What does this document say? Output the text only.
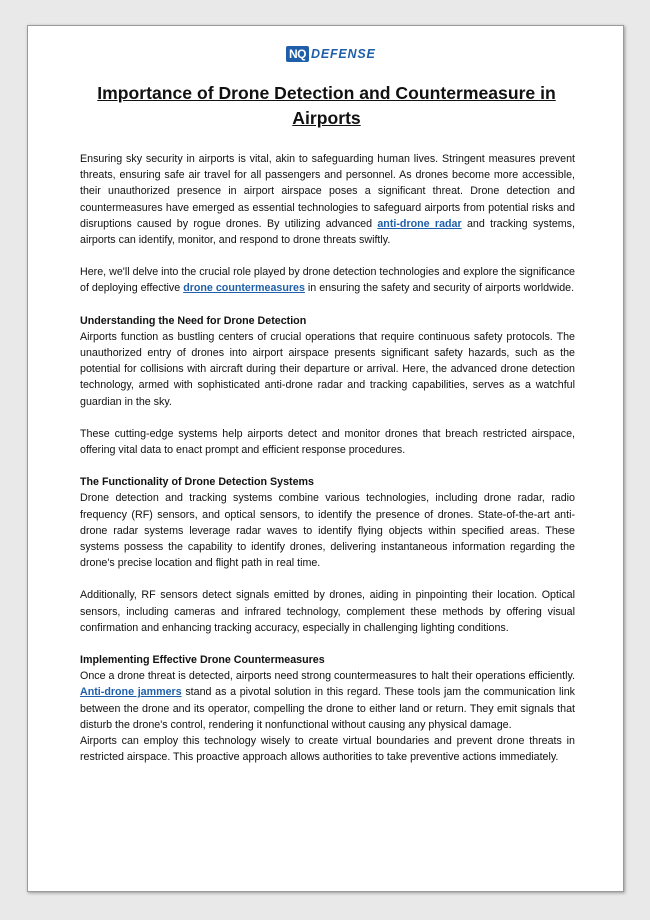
NQ DEFENSE
Importance of Drone Detection and Countermeasure in Airports

Ensuring sky security in airports is vital, akin to safeguarding human lives. Stringent measures prevent threats, ensuring safe air travel for all passengers and personnel. As drones become more accessible, their unauthorized presence in airport airspace poses a significant threat. Drone detection and countermeasures have emerged as essential technologies to safeguard airports from potential risks and disruptions caused by rogue drones. By utilizing advanced anti-drone radar and tracking systems, airports can identify, monitor, and respond to drone threats swiftly.

Here, we'll delve into the crucial role played by drone detection technologies and explore the significance of deploying effective drone countermeasures in ensuring the safety and security of airports worldwide.

Understanding the Need for Drone Detection

Airports function as bustling centers of crucial operations that require continuous safety protocols. The unauthorized entry of drones into airport airspace presents significant safety hazards, such as the potential for collisions with aircraft during their departure or arrival. Here, the advanced drone detection technology, armed with sophisticated anti-drone radar and tracking capabilities, serves as a watchful guardian in the sky.

These cutting-edge systems help airports detect and monitor drones that breach restricted airspace, offering vital data to enact prompt and efficient response procedures.

The Functionality of Drone Detection Systems

Drone detection and tracking systems combine various technologies, including drone radar, radio frequency (RF) sensors, and optical sensors, to identify the presence of drones. State-of-the-art anti-drone radar systems leverage radar waves to identify flying objects within specified areas. These systems possess the capability to identify drones, delivering instantaneous information regarding the drone's precise location and flight path in real time.

Additionally, RF sensors detect signals emitted by drones, aiding in pinpointing their location. Optical sensors, including cameras and infrared technology, complement these methods by offering visual confirmation and enhancing tracking accuracy, especially in challenging lighting conditions.

Implementing Effective Drone Countermeasures

Once a drone threat is detected, airports need strong countermeasures to halt their operations efficiently. Anti-drone jammers stand as a pivotal solution in this regard. These tools jam the communication link between the drone and its operator, compelling the drone to either land or return. They emit signals that disturb the drone's control, rendering it nonfunctional without causing any physical damage.

Airports can employ this technology wisely to create virtual boundaries and prevent drone threats in restricted airspace. This proactive approach allows authorities to take preventive actions immediately.
